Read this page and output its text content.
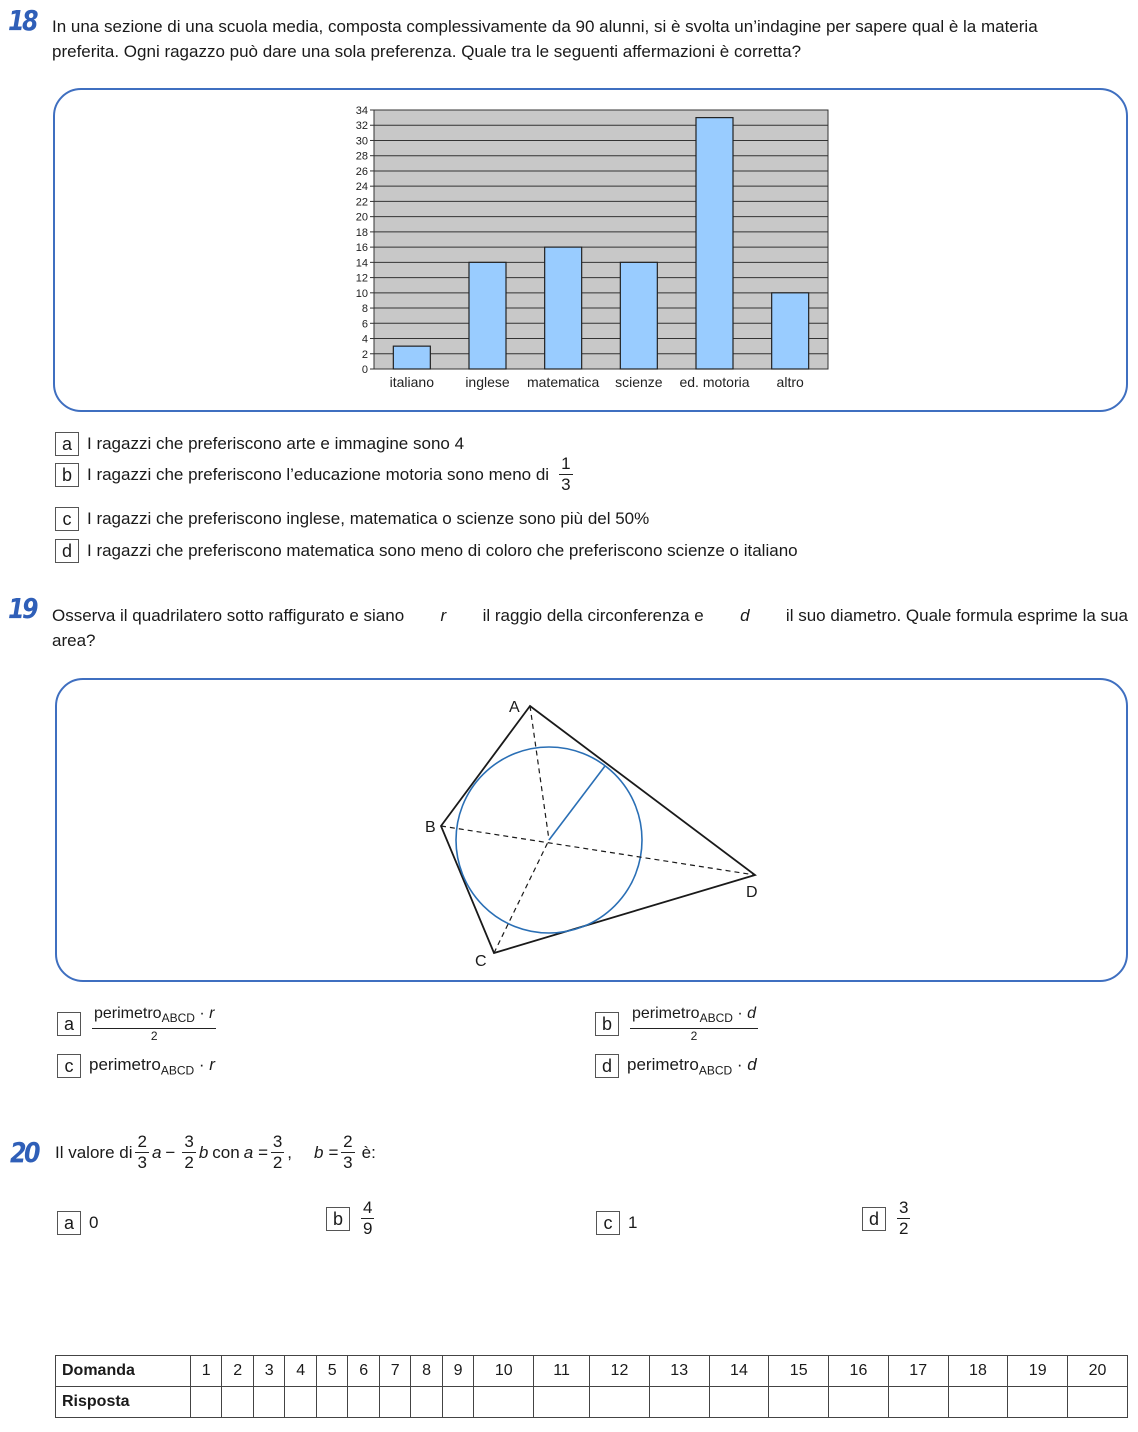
18 In una sezione di una scuola media, composta complessivamente da 90 alunni, si è svolta un’indagine per sapere qual è la materia
preferita. Ogni ragazzo può dare una sola preferenza. Quale tra le seguenti affermazioni è corretta?
0
2
4
6
8
10
12
14
16
18
20
22
24
26
28
30
32
34
italiano inglese matematica scienze ed. motoria altro
a I ragazzi che preferiscono arte e immagine sono 4
b I ragazzi che preferiscono l’educazione motoria sono meno di $\frac{1}{3}$
c I ragazzi che preferiscono inglese, matematica o scienze sono più del 50%
d I ragazzi che preferiscono matematica sono meno di coloro che preferiscono scienze o italiano
19 Osserva il quadrilatero sotto raffigurato e siano r il raggio della circonferenza e d il suo diametro. Quale formula esprime la sua
area?
A
B
C
D
a	$\frac{perimetro_{ABCD} \cdot r}{2}$	b	$\frac{perimetro_{ABCD} \cdot d}{2}$
c perimetro$_{ABCD}$ · r	d perimetro$_{ABCD}$ · d
20 Il valore di $\frac{2}{3}$ $a - \frac{3}{2}$ b con $a = \frac{3}{2}$ , $b = \frac{2}{3}$ è:
a 0	b	$\frac{4}{9}$	c 1	d	$\frac{3}{2}$
Domanda	1	2	3	4	5	6	7	8	9	10	11	12	13	14	15	16	17	18	19	20
Risposta																				
